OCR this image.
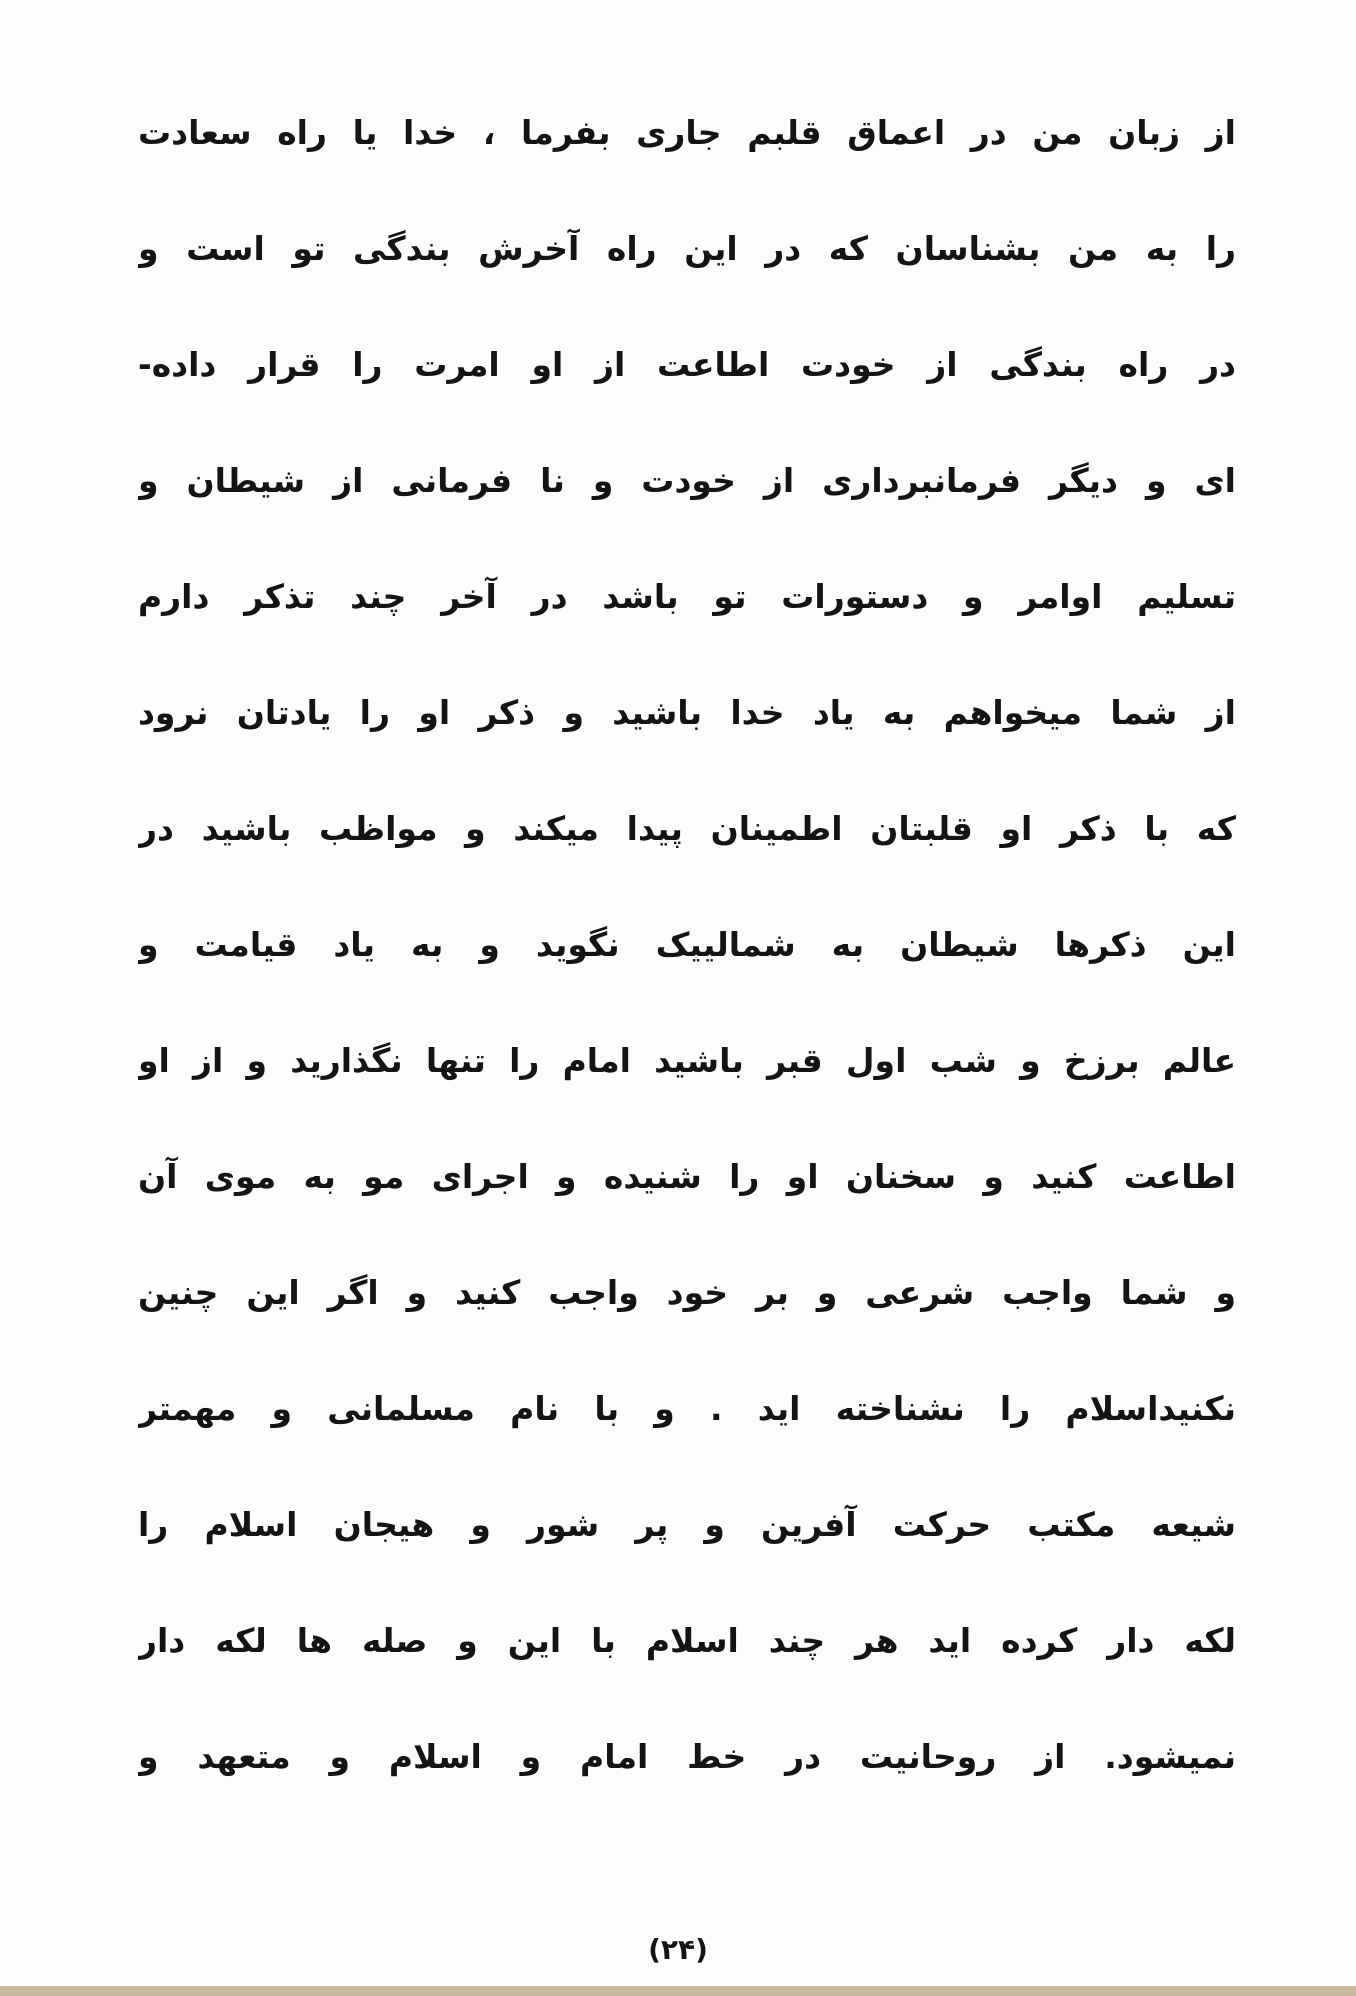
از زبان من در اعماق قلبم جاری بفرما ، خدا یا راه سعادت
را به من بشناسان که در این راه آخرش بندگی تو است و
در راه بندگی از خودت اطاعت از او امرت را قرار داده-
ای و دیگر فرمانبرداری از خودت و نا فرمانی از شیطان و
تسلیم اوامر و دستورات تو باشد در آخر چند تذکر دارم
از شما میخواهم به یاد خدا باشید و ذکر او را یادتان نرود
که با ذکر او قلبتان اطمینان پیدا میکند و مواظب باشید در
این ذکرها شیطان به شمالییک نگوید و به یاد قیامت و
عالم برزخ و شب اول قبر باشید امام را تنها نگذارید و از او
اطاعت کنید و سخنان او را شنیده و اجرای مو به موی آن
و شما واجب شرعی و بر خود واجب کنید و اگر این چنین
نکنیداسلام را نشناخته اید . و با نام مسلمانی و مهمتر
شیعه مکتب حرکت آفرین و پر شور و هیجان اسلام را
لکه دار کرده اید هر چند اسلام با این و صله ها لکه دار
نمیشود. از روحانیت در خط امام و اسلام و متعهد و
(۲۴)
